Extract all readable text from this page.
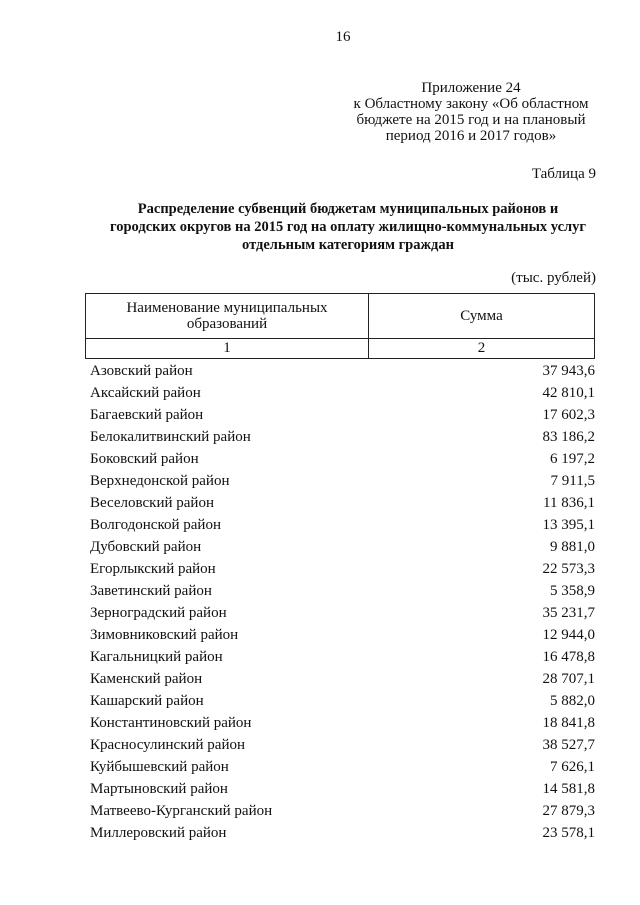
16
Приложение 24
к Областному закону «Об областном
бюджете на 2015 год и на плановый
период 2016 и 2017 годов»
Таблица 9
Распределение субвенций бюджетам муниципальных районов и
городских округов на 2015 год на оплату жилищно-коммунальных услуг
отдельным категориям граждан
(тыс. рублей)
Наименование муниципальных образований	Сумма
1	2
Азовский район	37 943,6
Аксайский район	42 810,1
Багаевский район	17 602,3
Белокалитвинский район	83 186,2
Боковский район	6 197,2
Верхнедонской район	7 911,5
Веселовский район	11 836,1
Волгодонской район	13 395,1
Дубовский район	9 881,0
Егорлыкский район	22 573,3
Заветинский район	5 358,9
Зерноградский район	35 231,7
Зимовниковский район	12 944,0
Кагальницкий район	16 478,8
Каменский район	28 707,1
Кашарский район	5 882,0
Константиновский район	18 841,8
Красносулинский район	38 527,7
Куйбышевский район	7 626,1
Мартыновский район	14 581,8
Матвеево-Курганский район	27 879,3
Миллеровский район	23 578,1
